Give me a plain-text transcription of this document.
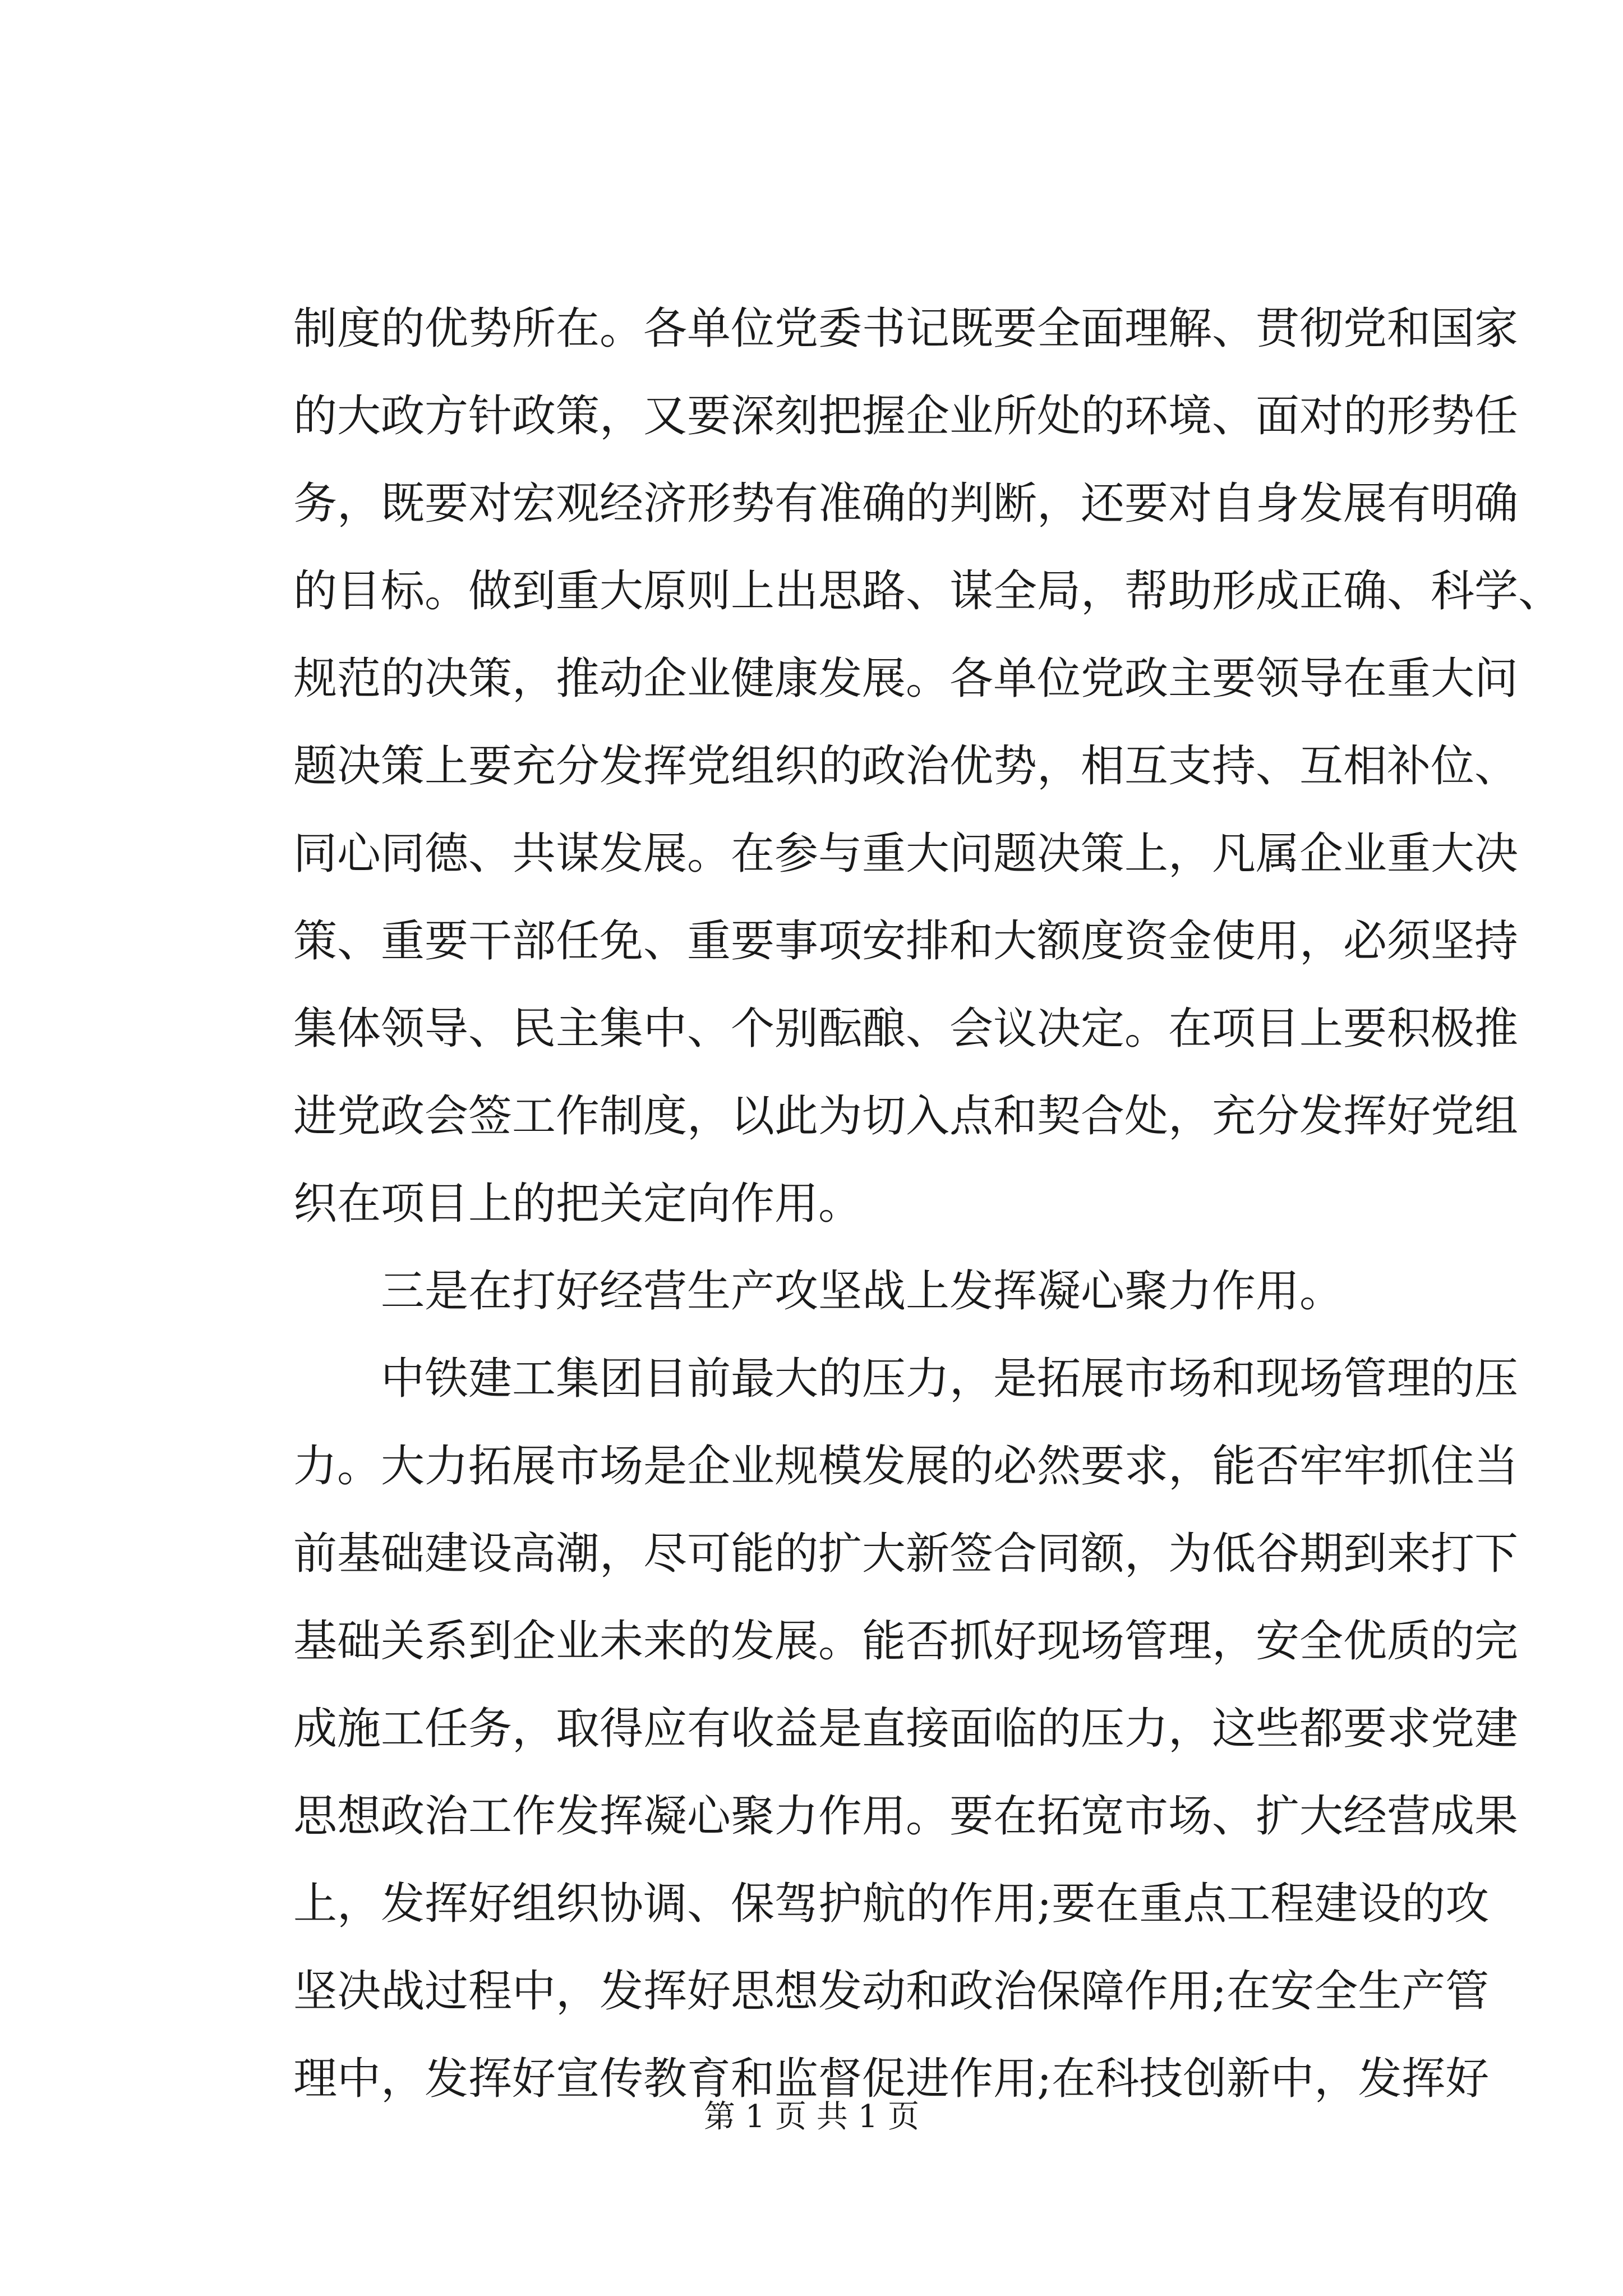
制度的优势所在。各单位党委书记既要全面理解、贯彻党和国家
的大政方针政策，又要深刻把握企业所处的环境、面对的形势任
务，既要对宏观经济形势有准确的判断，还要对自身发展有明确
的目标。做到重大原则上出思路、谋全局，帮助形成正确、科学、
规范的决策，推动企业健康发展。各单位党政主要领导在重大问
题决策上要充分发挥党组织的政治优势，相互支持、互相补位、
同心同德、共谋发展。在参与重大问题决策上，凡属企业重大决
策、重要干部任免、重要事项安排和大额度资金使用，必须坚持
集体领导、民主集中、个别酝酿、会议决定。在项目上要积极推
进党政会签工作制度，以此为切入点和契合处，充分发挥好党组
织在项目上的把关定向作用。
三是在打好经营生产攻坚战上发挥凝心聚力作用。
中铁建工集团目前最大的压力，是拓展市场和现场管理的压
力。大力拓展市场是企业规模发展的必然要求，能否牢牢抓住当
前基础建设高潮，尽可能的扩大新签合同额，为低谷期到来打下
基础关系到企业未来的发展。能否抓好现场管理，安全优质的完
成施工任务，取得应有收益是直接面临的压力，这些都要求党建
思想政治工作发挥凝心聚力作用。要在拓宽市场、扩大经营成果
上，发挥好组织协调、保驾护航的作用;要在重点工程建设的攻
坚决战过程中，发挥好思想发动和政治保障作用;在安全生产管
理中，发挥好宣传教育和监督促进作用;在科技创新中，发挥好
第 1 页 共 1 页
